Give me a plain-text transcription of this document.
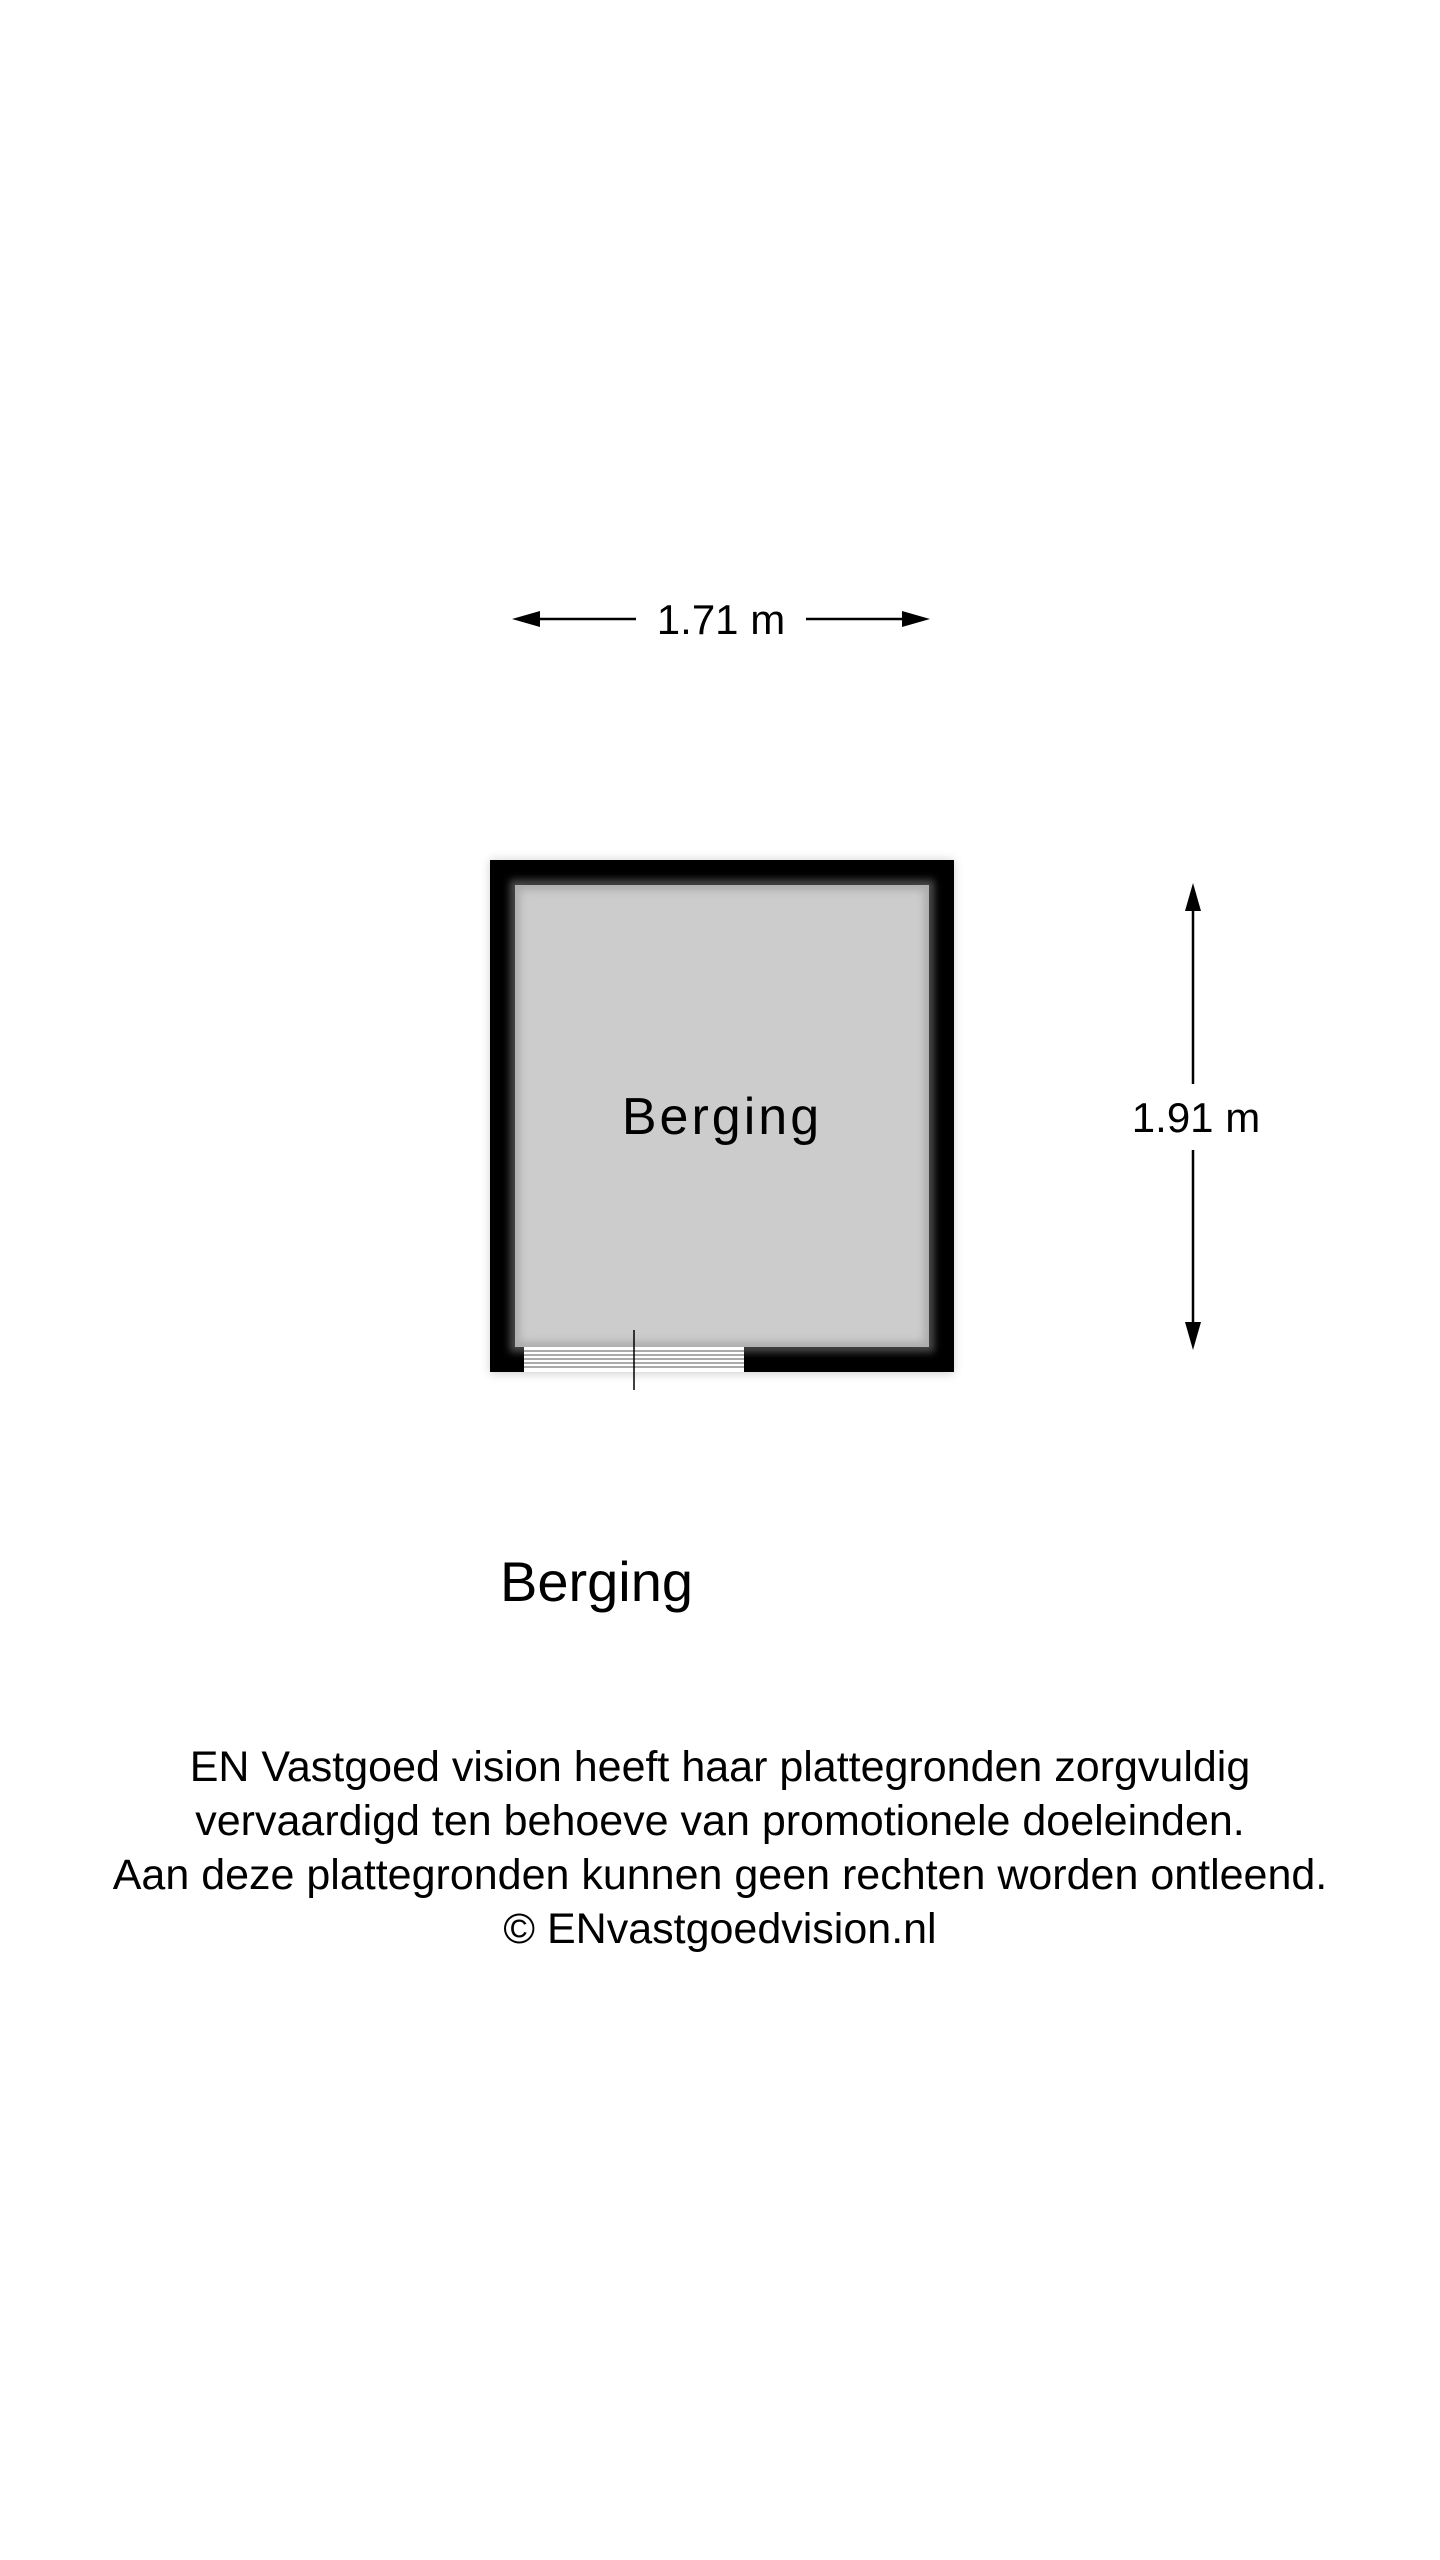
1.71 m
1.91 m
Berging
Berging
EN Vastgoed vision heeft haar plattegronden zorgvuldig
vervaardigd ten behoeve van promotionele doeleinden.
Aan deze plattegronden kunnen geen rechten worden ontleend.
© ENvastgoedvision.nl
